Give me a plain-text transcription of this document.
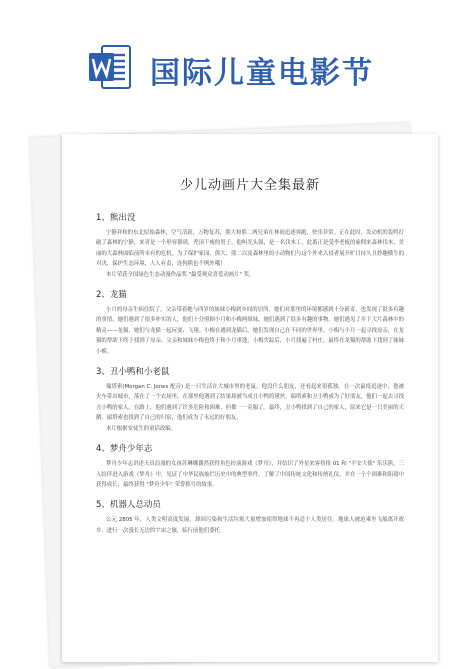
国际儿童电影节
少儿动画片大全集最新
1、熊出没

宁静祥和的东北原始森林，空气清新，万物复苏，熊大和熊二两兄弟在林间追逐奔跑，快乐非常。正在此时，发动机的轰鸣打破了森林的宁静，来者是一个形容猥琐，秃顶干瘦的男子，他叫光头强，是一名伐木工，此番正是受李老板的雇佣来森林伐木，美丽的大森林面临前所未有的危机。为了保护家园，熊大、熊二以及森林里的小动物们与这个外来入侵者展开旷日持久且妙趣横生的对决，保护生态环境，人人有责，连狗熊也不例外哦！

本片荣获全国绿色生态动漫作品奖 "最受观众喜爱动画片" 奖。

2、龙猫

小月的母亲生病住院了，父亲带着她与四岁的妹妹小梅到乡间的居所。她们对那里的环境都感到十分新奇，也发现了很多有趣的事情。她们遇到了很多朴实的人，他们十分照顾小月和小梅两姐妹，她们遇到了很多有趣的事物。她们遇见了乡下大片森林中的精灵——龙猫，她们与龙猫一起玩耍、飞翔。小梅在遇到龙猫后，她们发现自己在不同的世界里。小梅与小月一起寻找母亲，在龙猫的帮助下终于找到了母亲。父亲和妹妹小梅也终于和小月重逢，小梅失踪后，小月找遍了村庄，最终在龙猫的帮助下找到了妹妹小梅。

3、丑小鸭和小老鼠

瑞塔索(Morgan C. Jones 配音) 是一只生活在大城市里的老鼠，他没什么朋友，还看起来很孤独。在一次鼠疫追逐中，他被火车带出城市，落在了一个农场里，在那里他遇到了结果却被当成丑小鸭的黛丝。瑞塔索和丑小鸭成为了好朋友，他们一起去寻找丑小鸭的家人。在路上，他们遇到了许多危险和困难，但都一一克服了。最终，丑小鸭找到了自己的家人，原来它是一只美丽的天鹅。瑞塔索也找到了自己的归宿，他们成为了永远的好朋友。

本片根据安徒生的童话改编。

4、梦舟少年志

梦舟少年志讲述天真浪漫的女孩苏琳娜偶然获得角色扮演游戏《梦舟》，并结识了外星来客扭扭 01 和 "平安大使" 乐乐熊，三人结伴进入游戏《梦舟》中，见证了中华民族灿烂历史中的典型事件，了解了中国传统文化和传统礼仪，并在一个个困难和阻碍中获得成长，最终获得 "梦舟少年" 荣誉称号的故事。

5、机器人总动员

公元 2805 年，人类文明高度发展，却因污染和生活垃圾大量增加使得地球不再适于人类居住。地球人被迫乘坐飞船离开故乡，进行一次漫长无边的宇宙之旅，临行前他们委托
